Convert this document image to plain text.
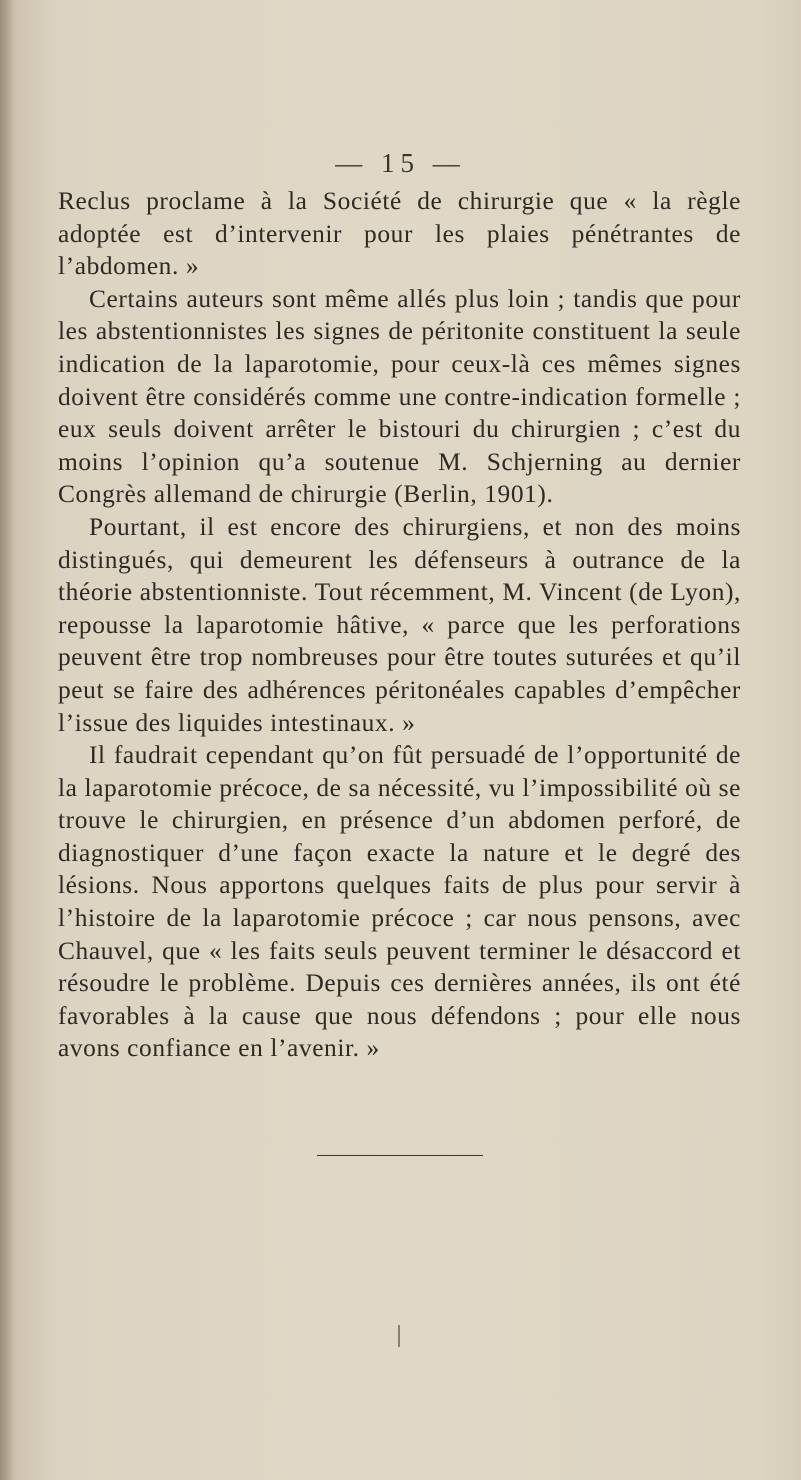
— 15 —

Reclus proclame à la Société de chirurgie que « la règle adoptée est d’intervenir pour les plaies pénétrantes de l’abdomen. »

Certains auteurs sont même allés plus loin ; tandis que pour les abstentionnistes les signes de péritonite constituent la seule indication de la laparotomie, pour ceux-là ces mêmes signes doivent être considérés comme une contre-indication formelle ; eux seuls doivent arrêter le bistouri du chirurgien ; c’est du moins l’opinion qu’a soutenue M. Schjerning au dernier Congrès allemand de chirurgie (Berlin, 1901).

Pourtant, il est encore des chirurgiens, et non des moins distingués, qui demeurent les défenseurs à outrance de la théorie abstentionniste. Tout récemment, M. Vincent (de Lyon), repousse la laparotomie hâtive, « parce que les perforations peuvent être trop nombreuses pour être toutes suturées et qu’il peut se faire des adhérences péritonéales capables d’empêcher l’issue des liquides intestinaux. »

Il faudrait cependant qu’on fût persuadé de l’opportunité de la laparotomie précoce, de sa nécessité, vu l’impossibilité où se trouve le chirurgien, en présence d’un abdomen perforé, de diagnostiquer d’une façon exacte la nature et le degré des lésions. Nous apportons quelques faits de plus pour servir à l’histoire de la laparotomie précoce ; car nous pensons, avec Chauvel, que « les faits seuls peuvent terminer le désaccord et résoudre le problème. Depuis ces dernières années, ils ont été favorables à la cause que nous défendons ; pour elle nous avons confiance en l’avenir. »
